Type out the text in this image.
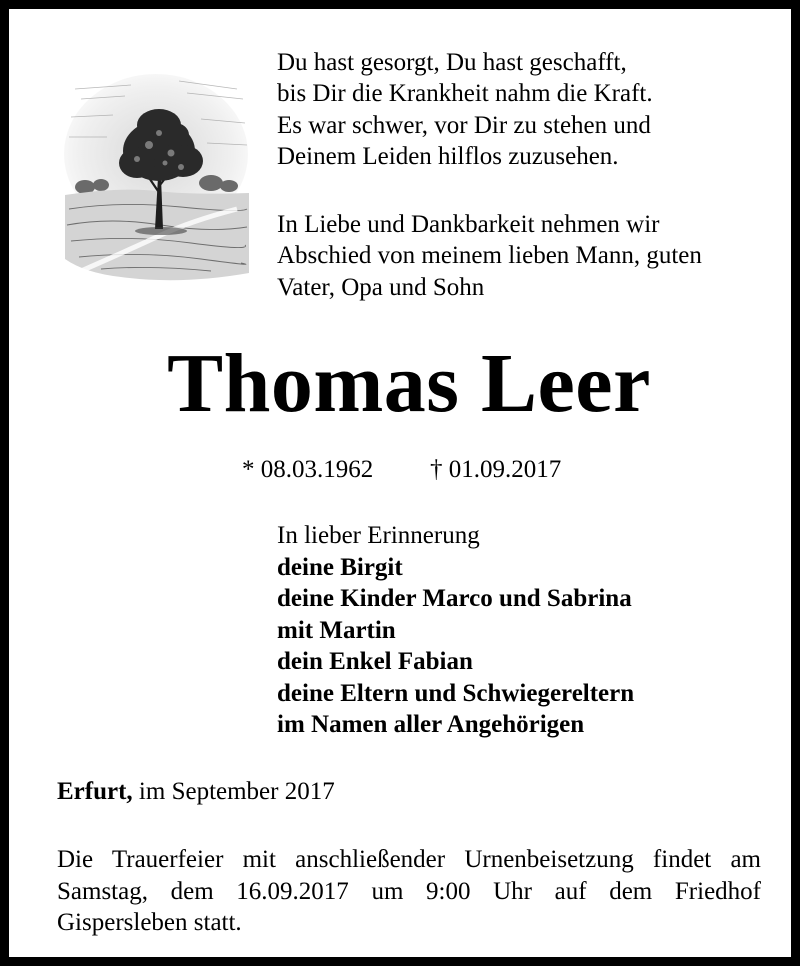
Du hast gesorgt, Du hast geschafft,
bis Dir die Krankheit nahm die Kraft.
Es war schwer, vor Dir zu stehen und
Deinem Leiden hilflos zuzusehen.
In Liebe und Dankbarkeit nehmen wir
Abschied von meinem lieben Mann, guten
Vater, Opa und Sohn
Thomas Leer
* 08.03.1962 † 01.09.2017
In lieber Erinnerung
deine Birgit
deine Kinder Marco und Sabrina
mit Martin
dein Enkel Fabian
deine Eltern und Schwiegereltern
im Namen aller Angehörigen
Erfurt, im September 2017
Die Trauerfeier mit anschließender Urnenbeisetzung findet am Samstag, dem 16.09.2017 um 9:00 Uhr auf dem Friedhof Gispersleben statt.
